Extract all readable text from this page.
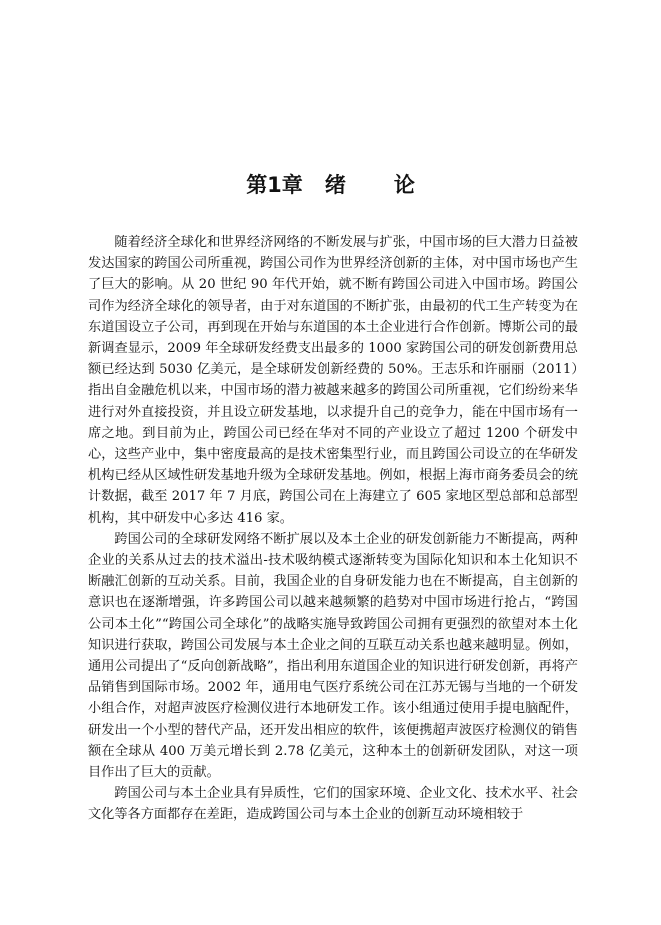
第1章 绪 论

随着经济全球化和世界经济网络的不断发展与扩张，中国市场的巨大潜力日益被发达国家的跨国公司所重视，跨国公司作为世界经济创新的主体，对中国市场也产生了巨大的影响。从 20 世纪 90 年代开始，就不断有跨国公司进入中国市场。跨国公司作为经济全球化的领导者，由于对东道国的不断扩张，由最初的代工生产转变为在东道国设立子公司，再到现在开始与东道国的本土企业进行合作创新。博斯公司的最新调查显示，2009 年全球研发经费支出最多的 1000 家跨国公司的研发创新费用总额已经达到 5030 亿美元，是全球研发创新经费的 50%。王志乐和许丽丽（2011）指出自金融危机以来，中国市场的潜力被越来越多的跨国公司所重视，它们纷纷来华进行对外直接投资，并且设立研发基地，以求提升自己的竞争力，能在中国市场有一席之地。到目前为止，跨国公司已经在华对不同的产业设立了超过 1200 个研发中心，这些产业中，集中密度最高的是技术密集型行业，而且跨国公司设立的在华研发机构已经从区域性研发基地升级为全球研发基地。例如，根据上海市商务委员会的统计数据，截至 2017 年 7 月底，跨国公司在上海建立了 605 家地区型总部和总部型机构，其中研发中心多达 416 家。

跨国公司的全球研发网络不断扩展以及本土企业的研发创新能力不断提高，两种企业的关系从过去的技术溢出-技术吸纳模式逐渐转变为国际化知识和本土化知识不断融汇创新的互动关系。目前，我国企业的自身研发能力也在不断提高，自主创新的意识也在逐渐增强，许多跨国公司以越来越频繁的趋势对中国市场进行抢占，“跨国公司本土化”“跨国公司全球化”的战略实施导致跨国公司拥有更强烈的欲望对本土化知识进行获取，跨国公司发展与本土企业之间的互联互动关系也越来越明显。例如，通用公司提出了“反向创新战略”，指出利用东道国企业的知识进行研发创新，再将产品销售到国际市场。2002 年，通用电气医疗系统公司在江苏无锡与当地的一个研发小组合作，对超声波医疗检测仪进行本地研发工作。该小组通过使用手提电脑配件，研发出一个小型的替代产品，还开发出相应的软件，该便携超声波医疗检测仪的销售额在全球从 400 万美元增长到 2.78 亿美元，这种本土的创新研发团队，对这一项目作出了巨大的贡献。

跨国公司与本土企业具有异质性，它们的国家环境、企业文化、技术水平、社会文化等各方面都存在差距，造成跨国公司与本土企业的创新互动环境相较于
